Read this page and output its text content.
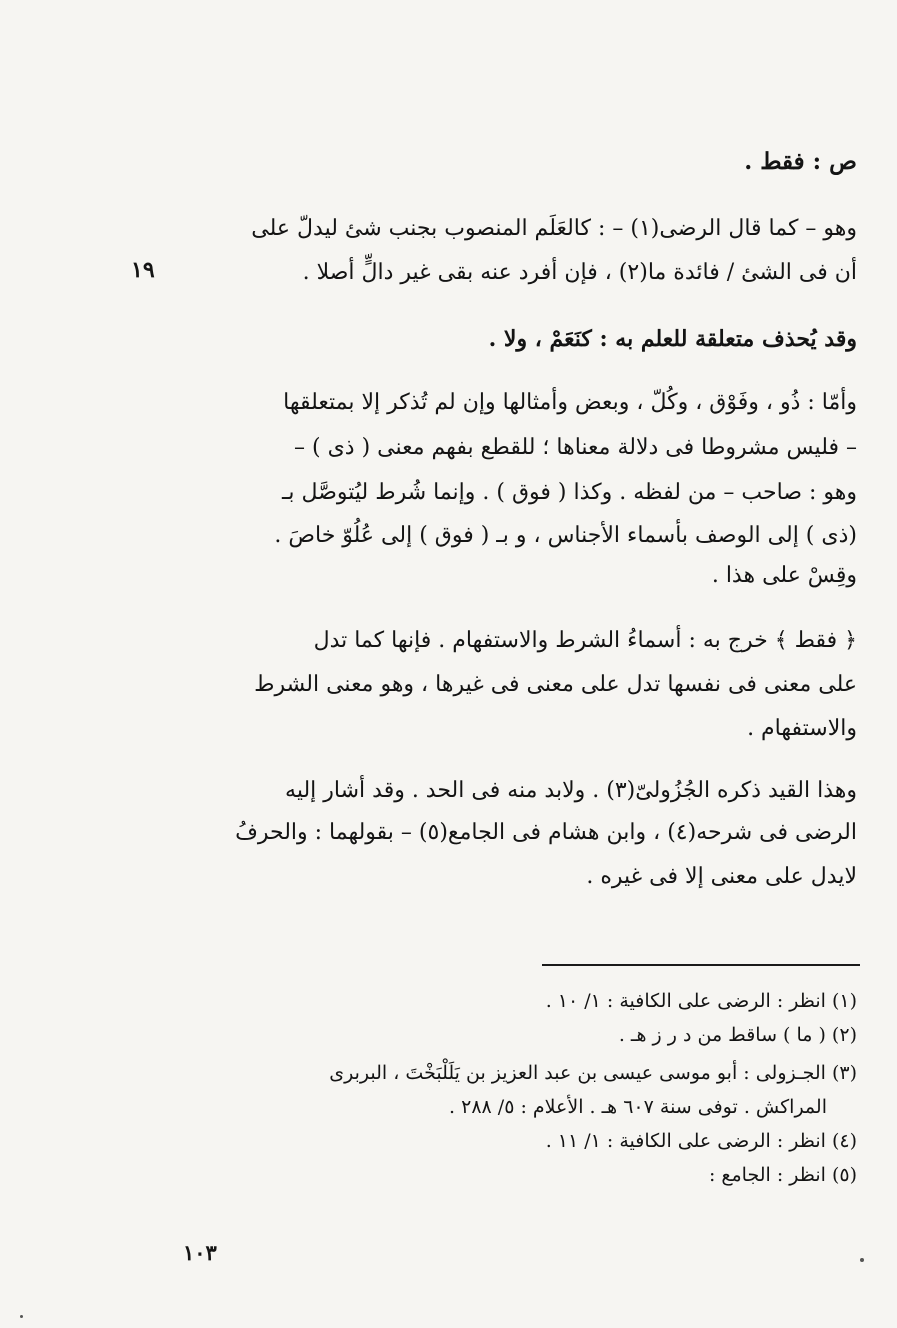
ص : فقط .
١٩
وهو – كما قال الرضى(١) – : كالعَلَم المنصوب بجنب شئ ليدلّ على
أن فى الشئ / فائدة ما(٢) ، فإن أفرد عنه بقى غير دالٍّ أصلا .
وقد يُحذف متعلقة للعلم به : كنَعَمْ ، ولا .
وأمّا : ذُو ، وفَوْق ، وكُلّ ، وبعض وأمثالها وإن لم تُذكر إلا بمتعلقها
– فليس مشروطا فى دلالة معناها ؛ للقطع بفهم معنى ( ذى ) –
وهو : صاحب – من لفظه . وكذا ( فوق ) . وإنما شُرط ليُتوصَّل بـ
(ذى ) إلى الوصف بأسماء الأجناس ، و بـ ( فوق ) إلى عُلُوّ خاصَ .
وقِسْ على هذا .
﴿ فقط ﴾ خرج به : أسماءُ الشرط والاستفهام . فإنها كما تدل
على معنى فى نفسها تدل على معنى فى غيرها ، وهو معنى الشرط
والاستفهام .
وهذا القيد ذكره الجُزُولىّ(٣) . ولابد منه فى الحد . وقد أشار إليه
الرضى فى شرحه(٤) ، وابن هشام فى الجامع(٥) – بقولهما : والحرفُ
لايدل على معنى إلا فى غيره .
(١) انظر : الرضى على الكافية : ١/ ١٠ .
(٢) ( ما ) ساقط من د ر ز هـ .
(٣) الجـزولى : أبو موسى عيسى بن عبد العزيز بن يَلَلْبَخْتَ ، البربرى
المراكش . توفى سنة ٦٠٧ هـ . الأعلام : ٥/ ٢٨٨ .
(٤) انظر : الرضى على الكافية : ١/ ١١ .
(٥) انظر : الجامع :
١٠٣
